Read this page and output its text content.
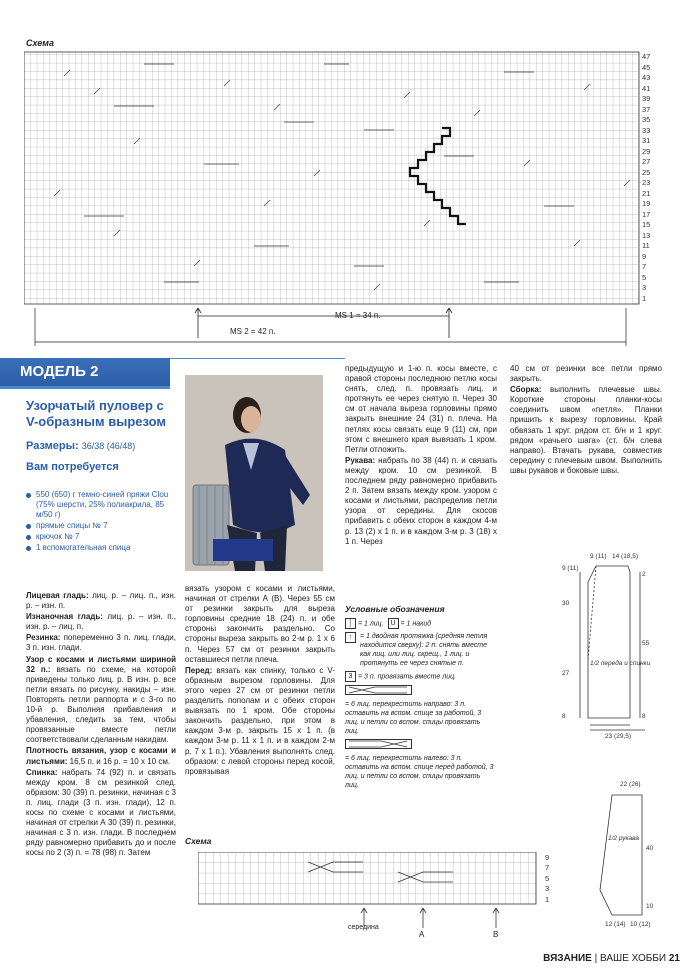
Схема
47
45
43
41
39
37
35
33
31
29
27
25
23
21
19
17
15
13
11
9
7
5
3
1
MS 1 = 34 п.
MS 2 = 42 п.
МОДЕЛЬ 2
Узорчатый пуловер с V-образным вырезом
Размеры: 36/38 (46/48)
Вам потребуется
550 (650) г темно-синей пряжи Clou (75% шерсти, 25% полиакрила, 85 м/50 г)
прямые спицы № 7
крючок № 7
1 вспомогательная спица

Лицевая гладь: лиц. р. – лиц. п., изн. р. – изн. п.

Изнаночная гладь: лиц. р. – изн. п., изн. р. – лиц. п.

Резинка: попеременно 3 п. лиц. глади, 3 п. изн. глади.

Узор с косами и листьями шириной 32 п.: вязать по схеме, на которой приведены только лиц. р. В изн. р. все петли вязать по рисунку, накиды – изн. Повторять петли раппорта и с 3-го по 10-й р. Выполняя прибавления и убавления, следить за тем, чтобы провязанные вместе петли соответствовали сделанным накидам.

Плотность вязания, узор с косами и листьями: 16,5 п. и 16 р. = 10 х 10 см.

Спинка: набрать 74 (92) п. и связать между кром. 8 см резинкой след. образом: 30 (39) п. резинки, начиная с 3 п. лиц. глади (3 п. изн. глади), 12 п. косы по схеме с косами и листьями, начиная от стрелки А 30 (39) п. резинки, начиная с 3 п. изн. глади. В последнем ряду равномерно прибавить до и после косы по 2 (3) п. = 78 (98) п. Затем

вязать узором с косами и листьями, начиная от стрелки А (В). Через 55 см от резинки закрыть для выреза горловины средние 18 (24) п. и обе стороны закончить раздельно. Со стороны выреза закрыть во 2-м р. 1 х 6 п. Через 57 см от резинки закрыть оставшиеся петли плеча.

Перед: вязать как спинку, только с V-образным вырезом горловины. Для этого через 27 см от резинки петли разделить пополам и с обеих сторон вывязать по 1 кром. Обе стороны закончить раздельно, при этом в каждом 3-м р. закрыть 15 х 1 п. (в каждом 3-м р. 11 х 1 п. и в каждом 2-м р. 7 х 1 п.). Убавления выполнять след. образом: с левой стороны перед косой, провязывая

предыдущую и 1-ю п. косы вместе, с правой стороны последнюю петлю косы снять, след. п. провязать лиц. и протянуть ее через снятую п. Через 30 см от начала выреза горловины прямо закрыть внешние 24 (31) п. плеча. На петлях косы связать еще 9 (11) см, при этом с внешнего края вывязать 1 кром. Петли отложить.

Рукава: набрать по 38 (44) п. и связать между кром. 10 см резинкой. В последнем ряду равномерно прибавить 2 п. Затем вязать между кром. узором с косами и листьями, распределив петли узора от середины. Для скосов прибавить с обеих сторон в каждом 4-м р. 13 (2) х 1 п. и в каждом 3-м р. 3 (18) х 1 п. Через

40 см от резинки все петли прямо закрыть.

Сборка: выполнить плечевые швы. Короткие стороны планки-косы соединить швом «петля». Планки пришить к вырезу горловины. Край обвязать 1 круг. рядом ст. б/н и 1 круг. рядом «рачьего шага» (ст. б/н слева направо). Втачать рукава, совместив середину с плечевым швом. Выполнить швы рукавов и боковые швы.

Условные обозначения
│ = 1 лиц. U = 1 накид
↑	= 1 двойная протяжка (средняя петля находится сверху): 2 п. снять вместе как лиц. или лиц. скрещ., 1 лиц. и протянуть ее через снятые п.
3 = 3 п. провязать вместе лиц.
= 6 лиц. перекрестить направо: 3 п. оставить на вспом. спице за работой, 3 лиц. и петли со вспом. спицы провязать лиц.
= 6 лиц. перекрестить налево: 3 п. оставить на вспом. спице перед работой, 3 лиц. и петли со вспом. спицы провязать лиц.
9 (11) 14 (18,5)
9 (11)
2
30
55
27
8
23 (29,5)
8
22 (26)
40
10
12 (14) 10 (12)
1/2 переда и спинки
1/2 рукава
Схема
9
7
5
3
1
середина
A	B
ВЯЗАНИЕ | ВАШЕ ХОББИ 21
